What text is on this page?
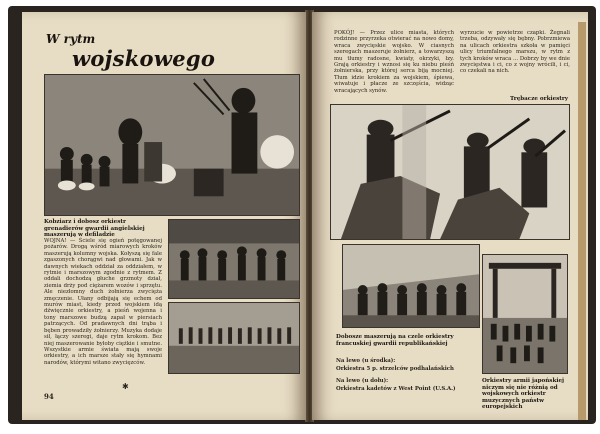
W rytm
wojskowego
Kobziarz i dobosz orkiestr grenadierów gwardii angielskiej maszerują w defiladzie
WOJNA! — Ściele się ogień potęgowanej pożarów. Drogą wśród miarowych kroków maszerują kolumny wojska. Kołyszą się fale zgaszonych chorągwi nad głowami. Jak w dawnych wiekach oddział za oddziałem, w rytmie i marszowym zgodnie z rytmem. Z oddali dochodzą głuche grzmoty dział, ziemia drży pod ciężarem wozów i sprzętu. Ale niezłomny duch żołnierza zwycięża zmęczenie. Ułany odbijają się echem od murów miast, kiedy przed wojskiem idą dźwięcznie orkiestry, a pieśń wojenna i tony marszowe budzą zapał w piersiach patrzących. Od pradawnych dni trąba i bęben prowadziły żołnierzy. Muzyka dodaje sił, łączy szeregi, daje rytm krokom. Bez niej maszerowanie byłoby ciężkie i smutne. Wszystkie armie świata mają swoje orkiestry, a ich marsze stały się hymnami narodów, którymi witano zwycięzców.
94
✱
POKÓJ! — Przez ulice miasta, których rodzinne przyrzeka otwierać na nowo domy, wraca zwycięskie wojsko. W ciasnych szeregach maszeruje żołnierz, a towarzyszą mu tłumy radosne, kwiaty, okrzyki, łzy. Grają orkiestry i wznosi się ku niebu pieśń żołnierska, przy której serca biją mocniej. Tłum idzie krokiem za wojskiem, śpiewa, wiwatuje i płacze ze szczęścia, widząc wracających synów.
wyrzucie w powietrze czapki. Żegnali trzeba, odzywały się bębny. Pobrzmiewa na ulicach orkiestra szkoła w pamięci ulicy triumfalnego marszu, w rytm z tych kroków wraca ... Dobrzy by we dnie zwycięstwa i ci, co z wojny wrócili, i ci, co czekali na nich.
Trębacze orkiestry
Dobosze maszerują na czele orkiestry francuskiej gwardii republikańskiej
Na lewo (u środka):
Orkiestra 5 p. strzelców podhalańskich
Na lewo (u dołu):
Orkiestra kadetów z West Point (U.S.A.)
Orkiestry armii japońskiej niczym się nie różnią od wojskowych orkiestr muzycznych państw europejskich
